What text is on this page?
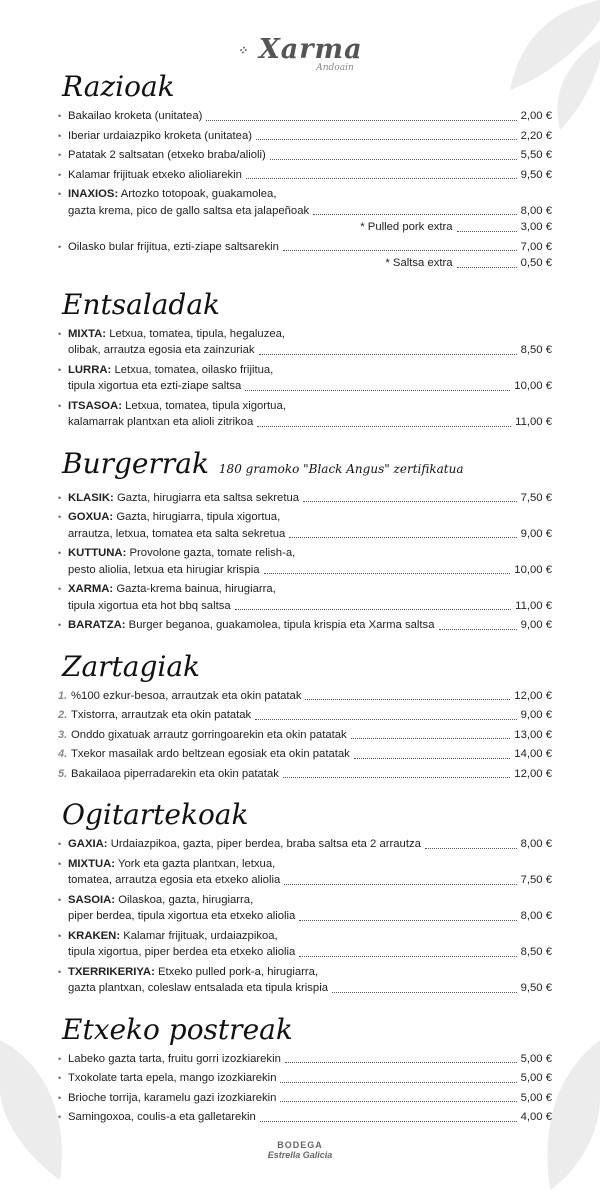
⁘ Xarma
Andoain
Razioak
• Bakailao kroketa (unitatea)	2,00 €
• Iberiar urdaiazpiko kroketa (unitatea)	2,20 €
• Patatak 2 saltsatan (etxeko braba/alioli)	5,50 €
• Kalamar frijituak etxeko alioliarekin	9,50 €
• INAXIOS: Artozko totopoak, guakamolea,
gazta krema, pico de gallo saltsa eta jalapeñoak	8,00 €
* Pulled pork extra	3,00 €
• Oilasko bular frijitua, ezti-ziape saltsarekin	7,00 €
* Saltsa extra	0,50 €
Entsaladak
• MIXTA: Letxua, tomatea, tipula, hegaluzea,
olibak, arrautza egosia eta zainzuriak	8,50 €
• LURRA: Letxua, tomatea, oilasko frijitua,
tipula xigortua eta ezti-ziape saltsa	10,00 €
• ITSASOA: Letxua, tomatea, tipula xigortua,
kalamarrak plantxan eta alioli zitrikoa	11,00 €
Burgerrak 180 gramoko "Black Angus" zertifikatua
• KLASIK: Gazta, hirugiarra eta saltsa sekretua	7,50 €
• GOXUA: Gazta, hirugiarra, tipula xigortua,
arrautza, letxua, tomatea eta salta sekretua	9,00 €
• KUTTUNA: Provolone gazta, tomate relish-a,
pesto aliolia, letxua eta hirugiar krispia	10,00 €
• XARMA: Gazta-krema bainua, hirugiarra,
tipula xigortua eta hot bbq saltsa	11,00 €
• BARATZA: Burger beganoa, guakamolea, tipula krispia eta Xarma saltsa	9,00 €
Zartagiak
1. %100 ezkur-besoa, arrautzak eta okin patatak	12,00 €
2. Txistorra, arrautzak eta okin patatak	9,00 €
3. Onddo gixatuak arrautz gorringoarekin eta okin patatak	13,00 €
4. Txekor masailak ardo beltzean egosiak eta okin patatak	14,00 €
5. Bakailaoa piperradarekin eta okin patatak	12,00 €
Ogitartekoak
• GAXIA: Urdaiazpikoa, gazta, piper berdea, braba saltsa eta 2 arrautza	8,00 €
• MIXTUA: York eta gazta plantxan, letxua,
tomatea, arrautza egosia eta etxeko aliolia	7,50 €
• SASOIA: Oilaskoa, gazta, hirugiarra,
piper berdea, tipula xigortua eta etxeko aliolia	8,00 €
• KRAKEN: Kalamar frijituak, urdaiazpikoa,
tipula xigortua, piper berdea eta etxeko aliolia	8,50 €
• TXERRIKERIYA: Etxeko pulled pork-a, hirugiarra,
gazta plantxan, coleslaw entsalada eta tipula krispia	9,50 €
Etxeko postreak
• Labeko gazta tarta, fruitu gorri izozkiarekin	5,00 €
• Txokolate tarta epela, mango izozkiarekin	5,00 €
• Brioche torrija, karamelu gazi izozkiarekin	5,00 €
• Samingoxoa, coulis-a eta galletarekin	4,00 €
BODEGA
Estrella Galicia
